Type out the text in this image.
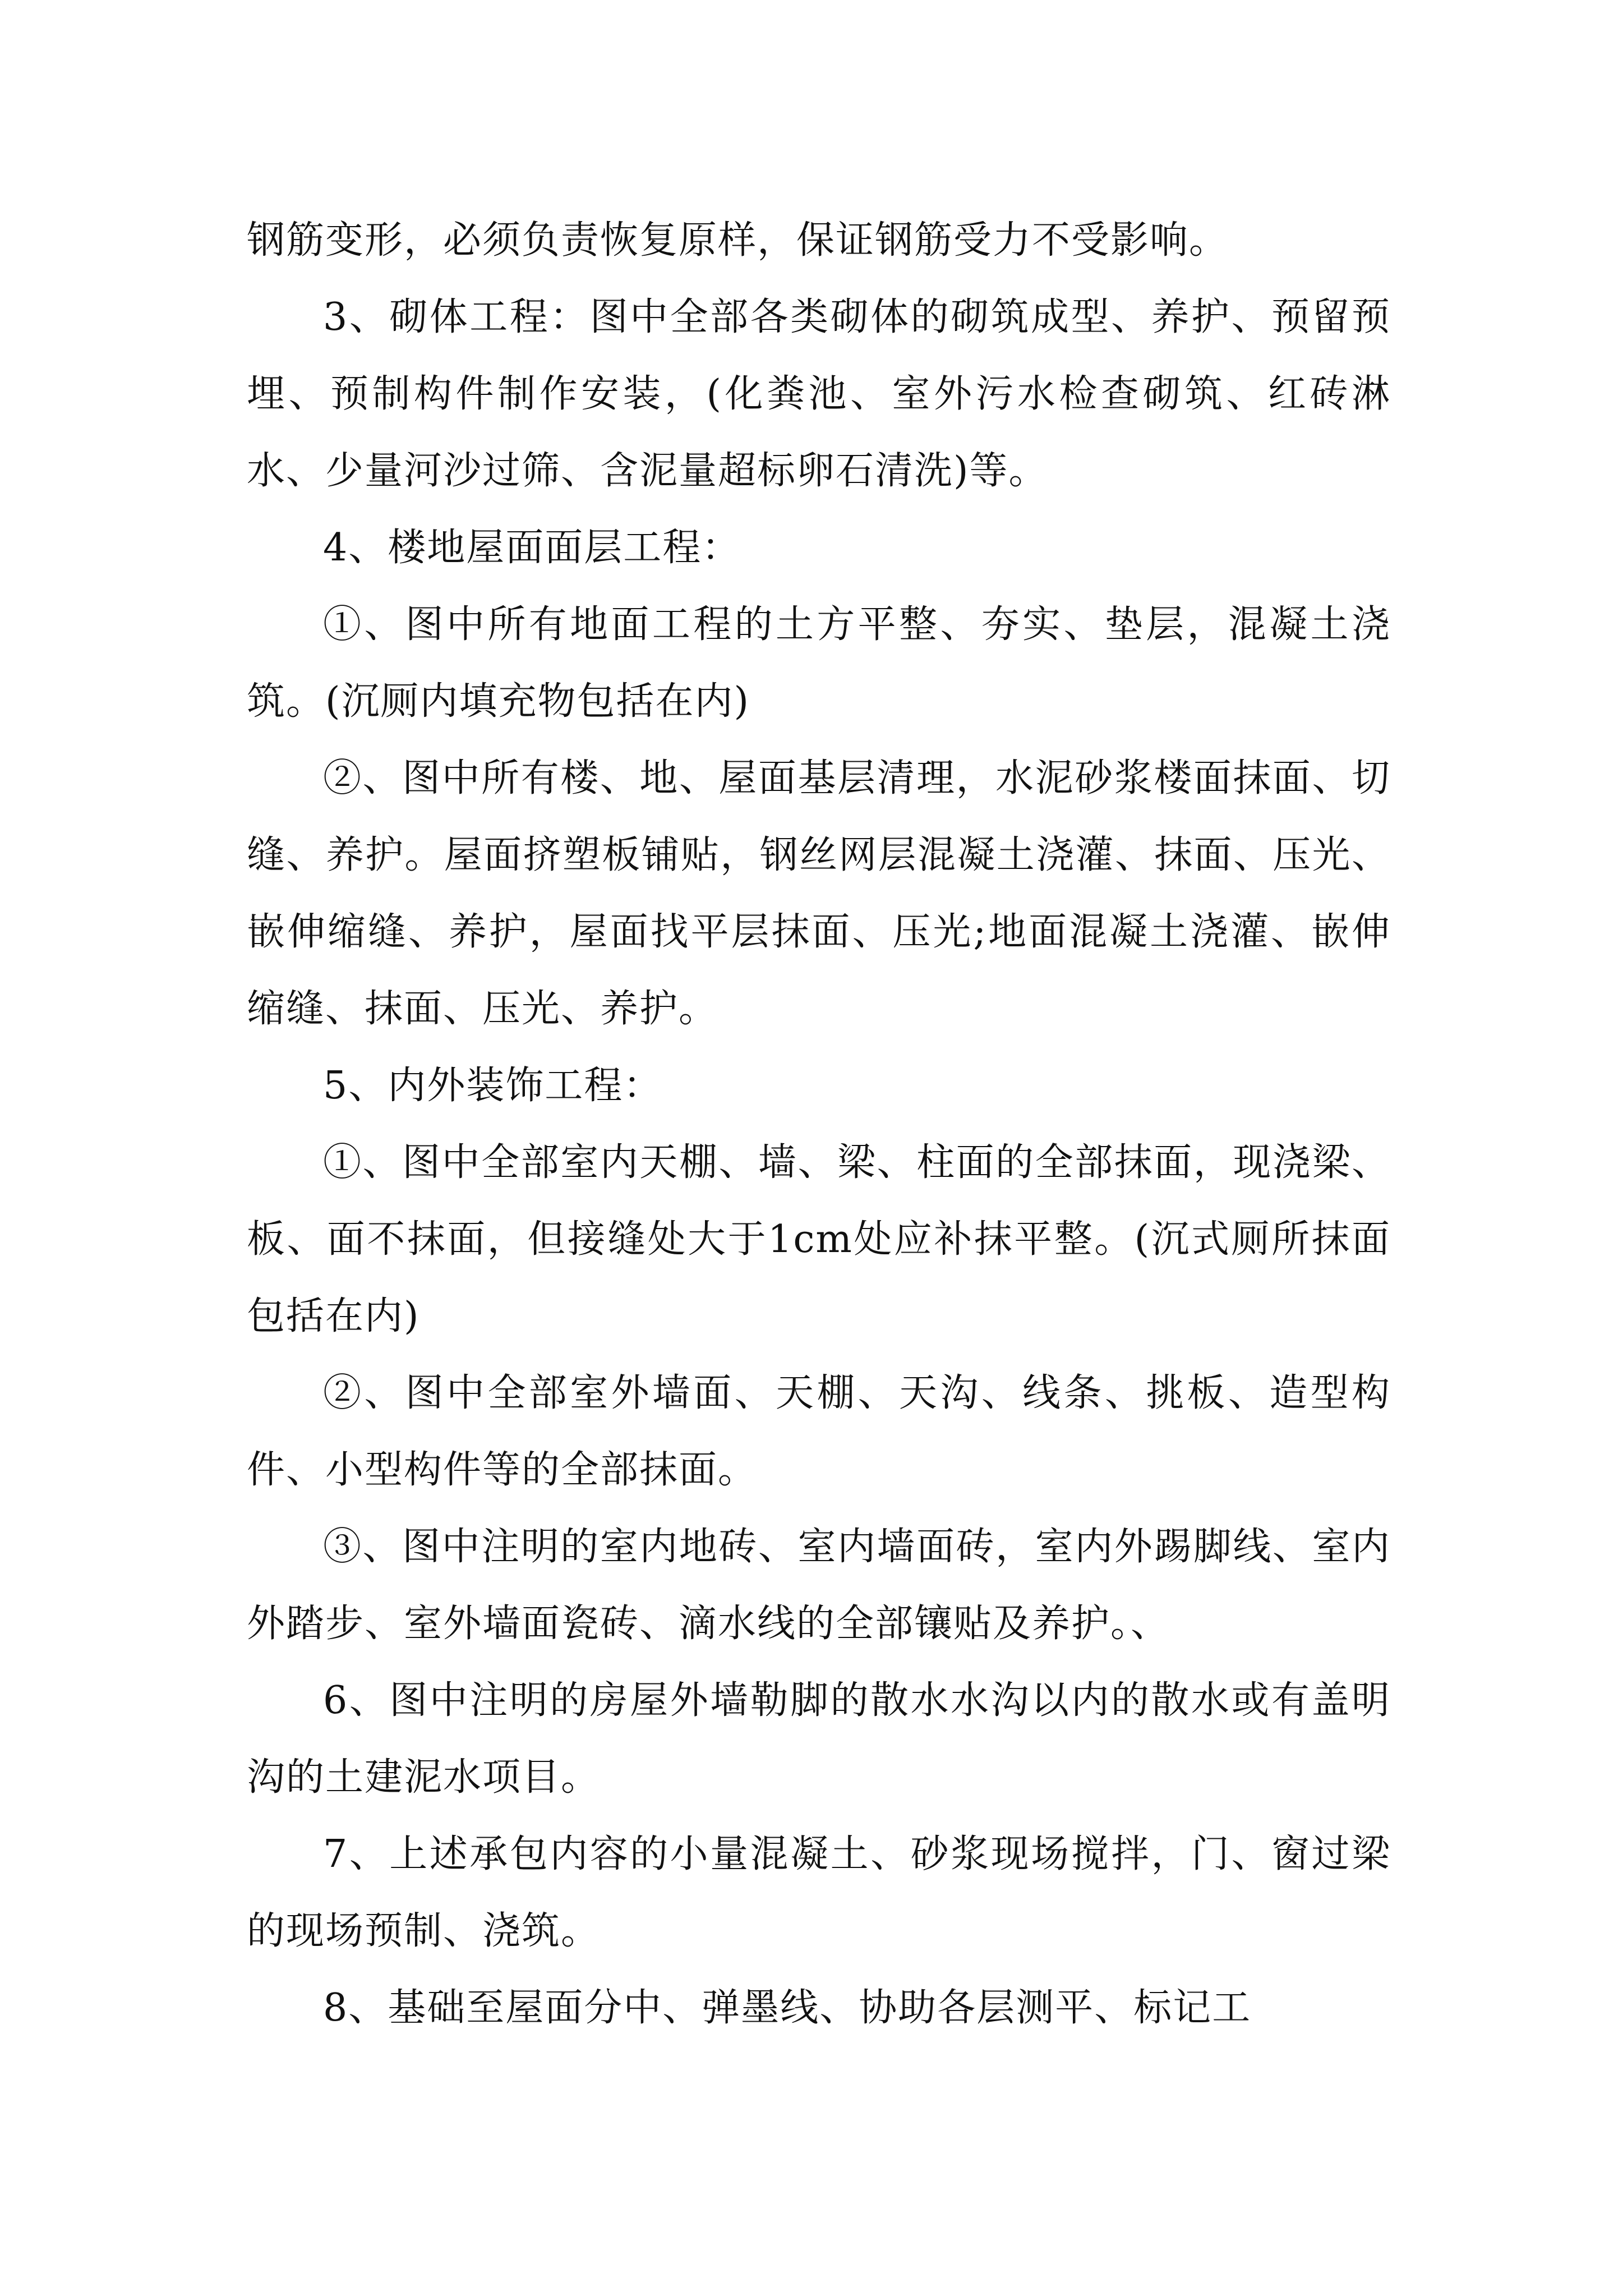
钢筋变形，必须负责恢复原样，保证钢筋受力不受影响。

3、砌体工程：图中全部各类砌体的砌筑成型、养护、预留预埋、预制构件制作安装，(化粪池、室外污水检查砌筑、红砖淋水、少量河沙过筛、含泥量超标卵石清洗)等。

4、楼地屋面面层工程：

①、图中所有地面工程的土方平整、夯实、垫层，混凝土浇筑。(沉厕内填充物包括在内)

②、图中所有楼、地、屋面基层清理，水泥砂浆楼面抹面、切缝、养护。屋面挤塑板铺贴，钢丝网层混凝土浇灌、抹面、压光、嵌伸缩缝、养护，屋面找平层抹面、压光;地面混凝土浇灌、嵌伸缩缝、抹面、压光、养护。

5、内外装饰工程：

①、图中全部室内天棚、墙、梁、柱面的全部抹面，现浇梁、板、面不抹面，但接缝处大于1cm处应补抹平整。(沉式厕所抹面包括在内)

②、图中全部室外墙面、天棚、天沟、线条、挑板、造型构件、小型构件等的全部抹面。

③、图中注明的室内地砖、室内墙面砖，室内外踢脚线、室内外踏步、室外墙面瓷砖、滴水线的全部镶贴及养护。、

6、图中注明的房屋外墙勒脚的散水水沟以内的散水或有盖明沟的土建泥水项目。

7、上述承包内容的小量混凝土、砂浆现场搅拌，门、窗过梁的现场预制、浇筑。

8、基础至屋面分中、弹墨线、协助各层测平、标记工
